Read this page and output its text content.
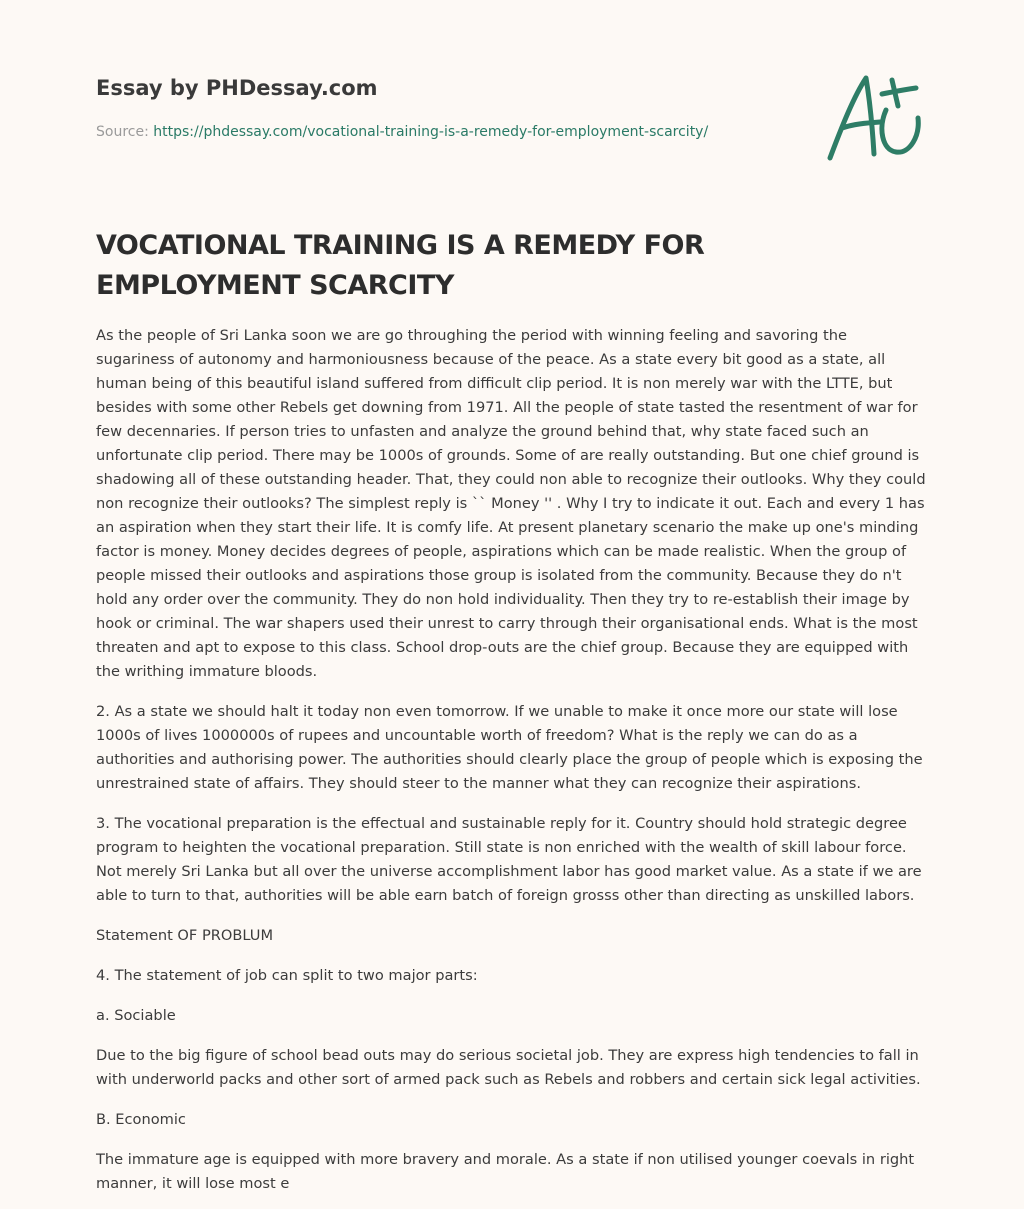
Essay by PHDessay.com
Source: https://phdessay.com/vocational-training-is-a-remedy-for-employment-scarcity/
VOCATIONAL TRAINING IS A REMEDY FOR EMPLOYMENT SCARCITY

As the people of Sri Lanka soon we are go throughing the period with winning feeling and savoring the sugariness of autonomy and harmoniousness because of the peace. As a state every bit good as a state, all human being of this beautiful island suffered from difficult clip period. It is non merely war with the LTTE, but besides with some other Rebels get downing from 1971. All the people of state tasted the resentment of war for few decennaries. If person tries to unfasten and analyze the ground behind that, why state faced such an unfortunate clip period. There may be 1000s of grounds. Some of are really outstanding. But one chief ground is shadowing all of these outstanding header. That, they could non able to recognize their outlooks. Why they could non recognize their outlooks? The simplest reply is `` Money '' . Why I try to indicate it out. Each and every 1 has an aspiration when they start their life. It is comfy life. At present planetary scenario the make up one's minding factor is money. Money decides degrees of people, aspirations which can be made realistic. When the group of people missed their outlooks and aspirations those group is isolated from the community. Because they do n't hold any order over the community. They do non hold individuality. Then they try to re-establish their image by hook or criminal. The war shapers used their unrest to carry through their organisational ends. What is the most threaten and apt to expose to this class. School drop-outs are the chief group. Because they are equipped with the writhing immature bloods.

2. As a state we should halt it today non even tomorrow. If we unable to make it once more our state will lose 1000s of lives 1000000s of rupees and uncountable worth of freedom? What is the reply we can do as a authorities and authorising power. The authorities should clearly place the group of people which is exposing the unrestrained state of affairs. They should steer to the manner what they can recognize their aspirations.

3. The vocational preparation is the effectual and sustainable reply for it. Country should hold strategic degree program to heighten the vocational preparation. Still state is non enriched with the wealth of skill labour force. Not merely Sri Lanka but all over the universe accomplishment labor has good market value. As a state if we are able to turn to that, authorities will be able earn batch of foreign grosss other than directing as unskilled labors.

Statement OF PROBLUM

4. The statement of job can split to two major parts:

a. Sociable

Due to the big figure of school bead outs may do serious societal job. They are express high tendencies to fall in with underworld packs and other sort of armed pack such as Rebels and robbers and certain sick legal activities.

B. Economic

The immature age is equipped with more bravery and morale. As a state if non utilised younger coevals in right manner, it will lose most e
